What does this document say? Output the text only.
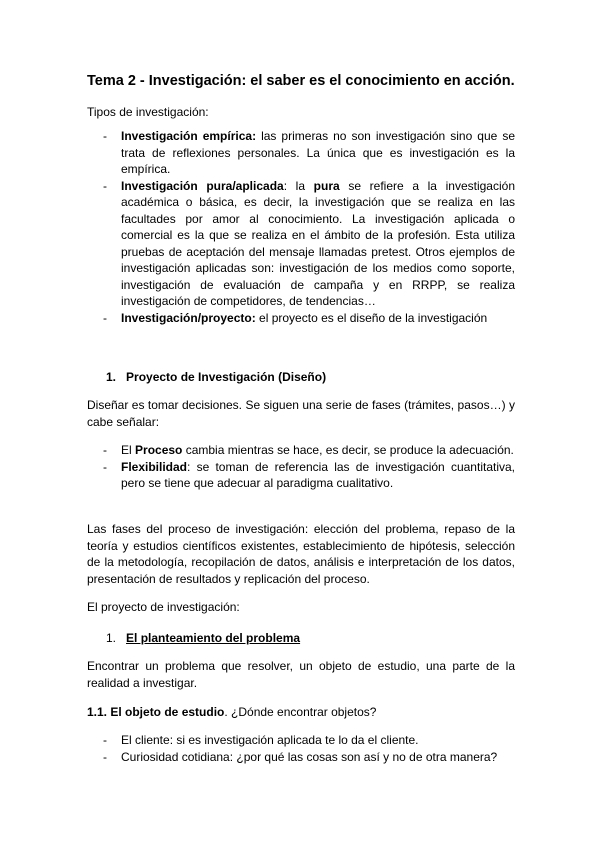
Tema 2 - Investigación: el saber es el conocimiento en acción.
Tipos de investigación:
- Investigación empírica: las primeras no son investigación sino que se trata de reflexiones personales. La única que es investigación es la empírica.
- Investigación pura/aplicada: la pura se refiere a la investigación académica o básica, es decir, la investigación que se realiza en las facultades por amor al conocimiento. La investigación aplicada o comercial es la que se realiza en el ámbito de la profesión. Esta utiliza pruebas de aceptación del mensaje llamadas pretest. Otros ejemplos de investigación aplicadas son: investigación de los medios como soporte, investigación de evaluación de campaña y en RRPP, se realiza investigación de competidores, de tendencias…
- Investigación/proyecto: el proyecto es el diseño de la investigación
1. Proyecto de Investigación (Diseño)
Diseñar es tomar decisiones. Se siguen una serie de fases (trámites, pasos…) y cabe señalar:
- El Proceso cambia mientras se hace, es decir, se produce la adecuación.
- Flexibilidad: se toman de referencia las de investigación cuantitativa, pero se tiene que adecuar al paradigma cualitativo.
Las fases del proceso de investigación: elección del problema, repaso de la teoría y estudios científicos existentes, establecimiento de hipótesis, selección de la metodología, recopilación de datos, análisis e interpretación de los datos, presentación de resultados y replicación del proceso.
El proyecto de investigación:
1. El planteamiento del problema
Encontrar un problema que resolver, un objeto de estudio, una parte de la realidad a investigar.
1.1. El objeto de estudio. ¿Dónde encontrar objetos?
- El cliente: si es investigación aplicada te lo da el cliente.
- Curiosidad cotidiana: ¿por qué las cosas son así y no de otra manera?
